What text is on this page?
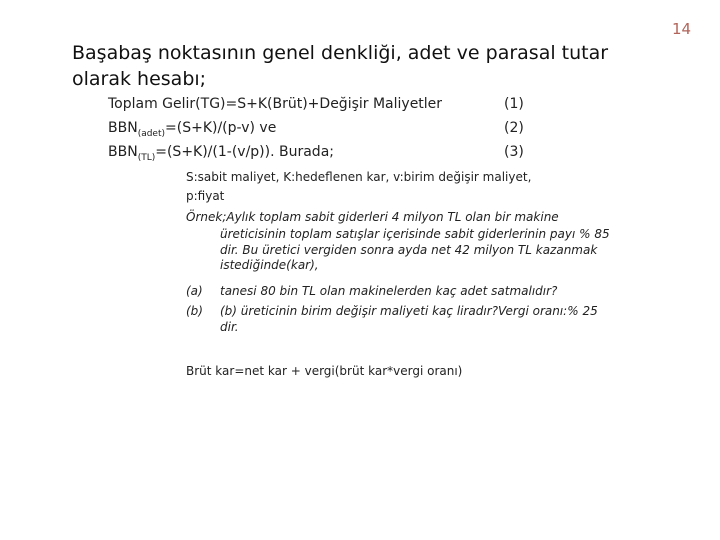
14
Başabaş noktasının genel denkliği, adet ve parasal tutar olarak hesabı;
Toplam Gelir(TG)=S+K(Brüt)+Değişir Maliyetler	(1)
$BBN_{(adet)}=(S+K)/(p-v)$ ve	(2)
$BBN_{(TL)}=(S+K)/(1-(v/p))$. Burada;	(3)
S:sabit maliyet, K:hedeflenen kar, v:birim değişir maliyet,
p:fiyat
Örnek;Aylık toplam sabit giderleri 4 milyon TL olan bir makine
üreticisinin toplam satışlar içerisinde sabit giderlerinin payı % 85
dir. Bu üretici vergiden sonra ayda net 42 milyon TL kazanmak
istediğinde(kar),
(a) tanesi 80 bin TL olan makinelerden kaç adet satmalıdır?
(b) (b) üreticinin birim değişir maliyeti kaç liradır?Vergi oranı:% 25
dir.
Brüt kar=net kar + vergi(brüt kar*vergi oranı)
